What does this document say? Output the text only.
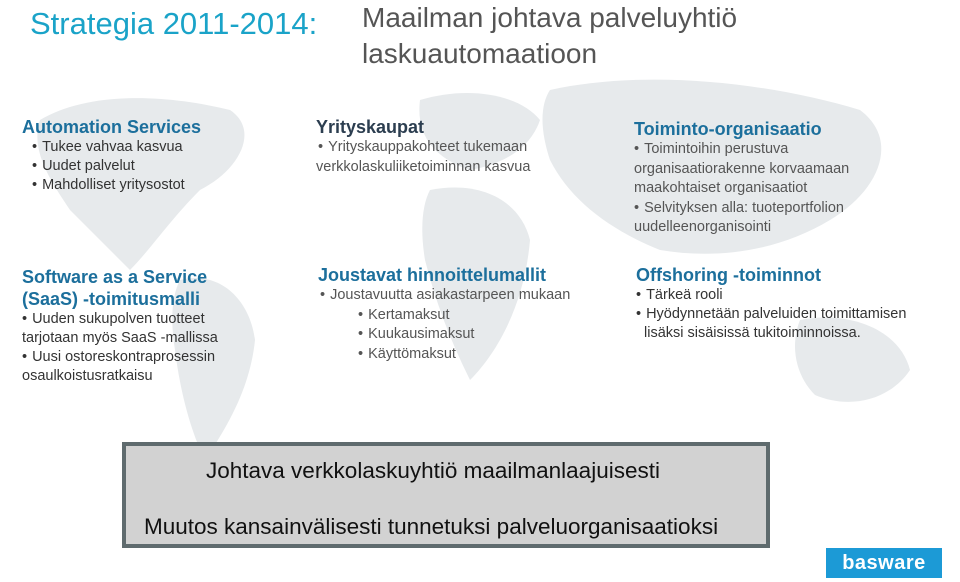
Strategia 2011-2014: Maailman johtava palveluyhtiö
laskuautomaatioon
Automation Services
• Tukee vahvaa kasvua
• Uudet palvelut
• Mahdolliset yritysostot
Yrityskaupat
• Yrityskauppakohteet tukemaan
verkkolaskuliiketoiminnan kasvua
Toiminto-organisaatio
• Toimintoihin perustuva
organisaatiorakenne korvaamaan
maakohtaiset organisaatiot
• Selvityksen alla: tuoteportfolion
uudelleenorganisointi
Software as a Service
(SaaS) -toimitusmalli
• Uuden sukupolven tuotteet
tarjotaan myös SaaS -mallissa
• Uusi ostoreskontraprosessin
osaulkoistusratkaisu
Joustavat hinnoittelumallit
• Joustavuutta asiakastarpeen mukaan
• Kertamaksut
• Kuukausimaksut
• Käyttömaksut
Offshoring -toiminnot
• Tärkeä rooli
• Hyödynnetään palveluiden toimittamisen
lisäksi sisäisissä tukitoiminnoissa.
Johtava verkkolaskuyhtiö maailmanlaajuisesti
Muutos kansainvälisesti tunnetuksi palveluorganisaatioksi
basware
